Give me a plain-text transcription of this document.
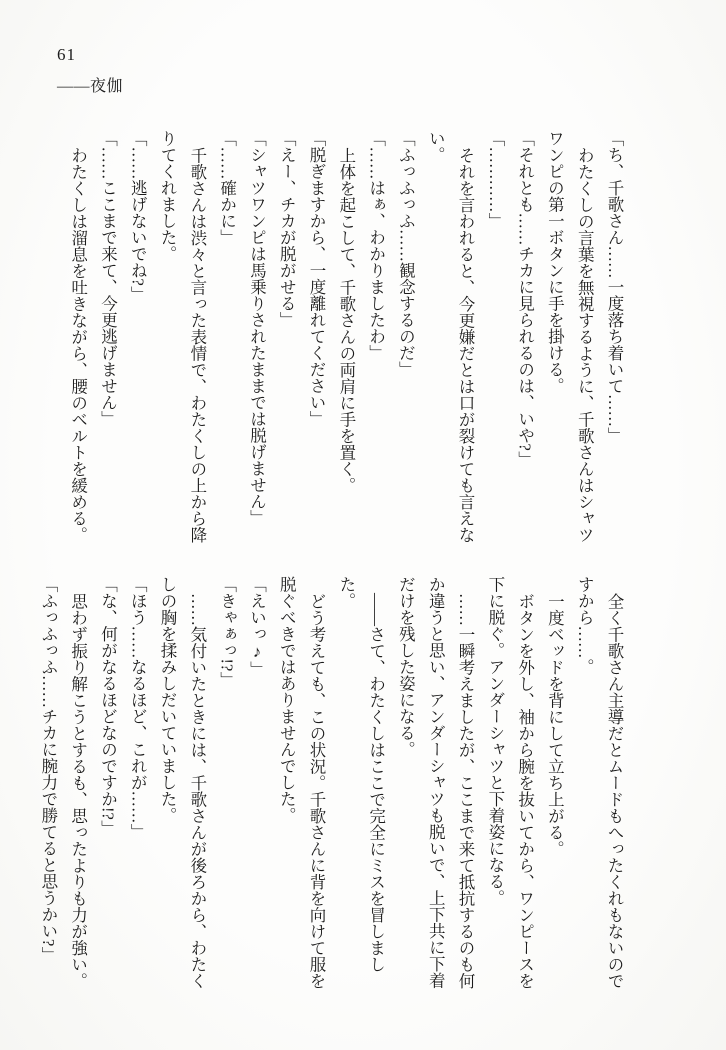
61
――夜伽

「ち、千歌さん……一度落ち着いて……」

わたくしの言葉を無視するように、千歌さんはシャツワンピの第一ボタンに手を掛ける。

「それとも……チカに見られるのは、いや?」

「…………」

それを言われると、今更嫌だとは口が裂けても言えない。

「ふっふっふ……観念するのだ」

「……はぁ、わかりましたわ」

上体を起こして、千歌さんの両肩に手を置く。

「脱ぎますから、一度離れてください」

「えー、チカが脱がせる」

「シャツワンピは馬乗りされたままでは脱げません」

「……確かに」

千歌さんは渋々と言った表情で、わたくしの上から降りてくれました。

「……逃げないでね?」

「……ここまで来て、今更逃げません」

わたくしは溜息を吐きながら、腰のベルトを緩める。

全く千歌さん主導だとムードもへったくれもないのですから……。

一度ベッドを背にして立ち上がる。

ボタンを外し、袖から腕を抜いてから、ワンピースを下に脱ぐ。アンダーシャツと下着姿になる。

……一瞬考えましたが、ここまで来て抵抗するのも何か違うと思い、アンダーシャツも脱いで、上下共に下着だけを残した姿になる。

――さて、わたくしはここで完全にミスを冒しました。

どう考えても、この状況。千歌さんに背を向けて服を脱ぐべきではありませんでした。

「えいっ♪」

「きゃぁっ!?」

……気付いたときには、千歌さんが後ろから、わたくしの胸を揉みしだいていました。

「ほう……なるほど、これが……」

「な、何がなるほどなのですか!?」

思わず振り解こうとするも、思ったよりも力が強い。

「ふっふっふ……チカに腕力で勝てると思うかい?」
